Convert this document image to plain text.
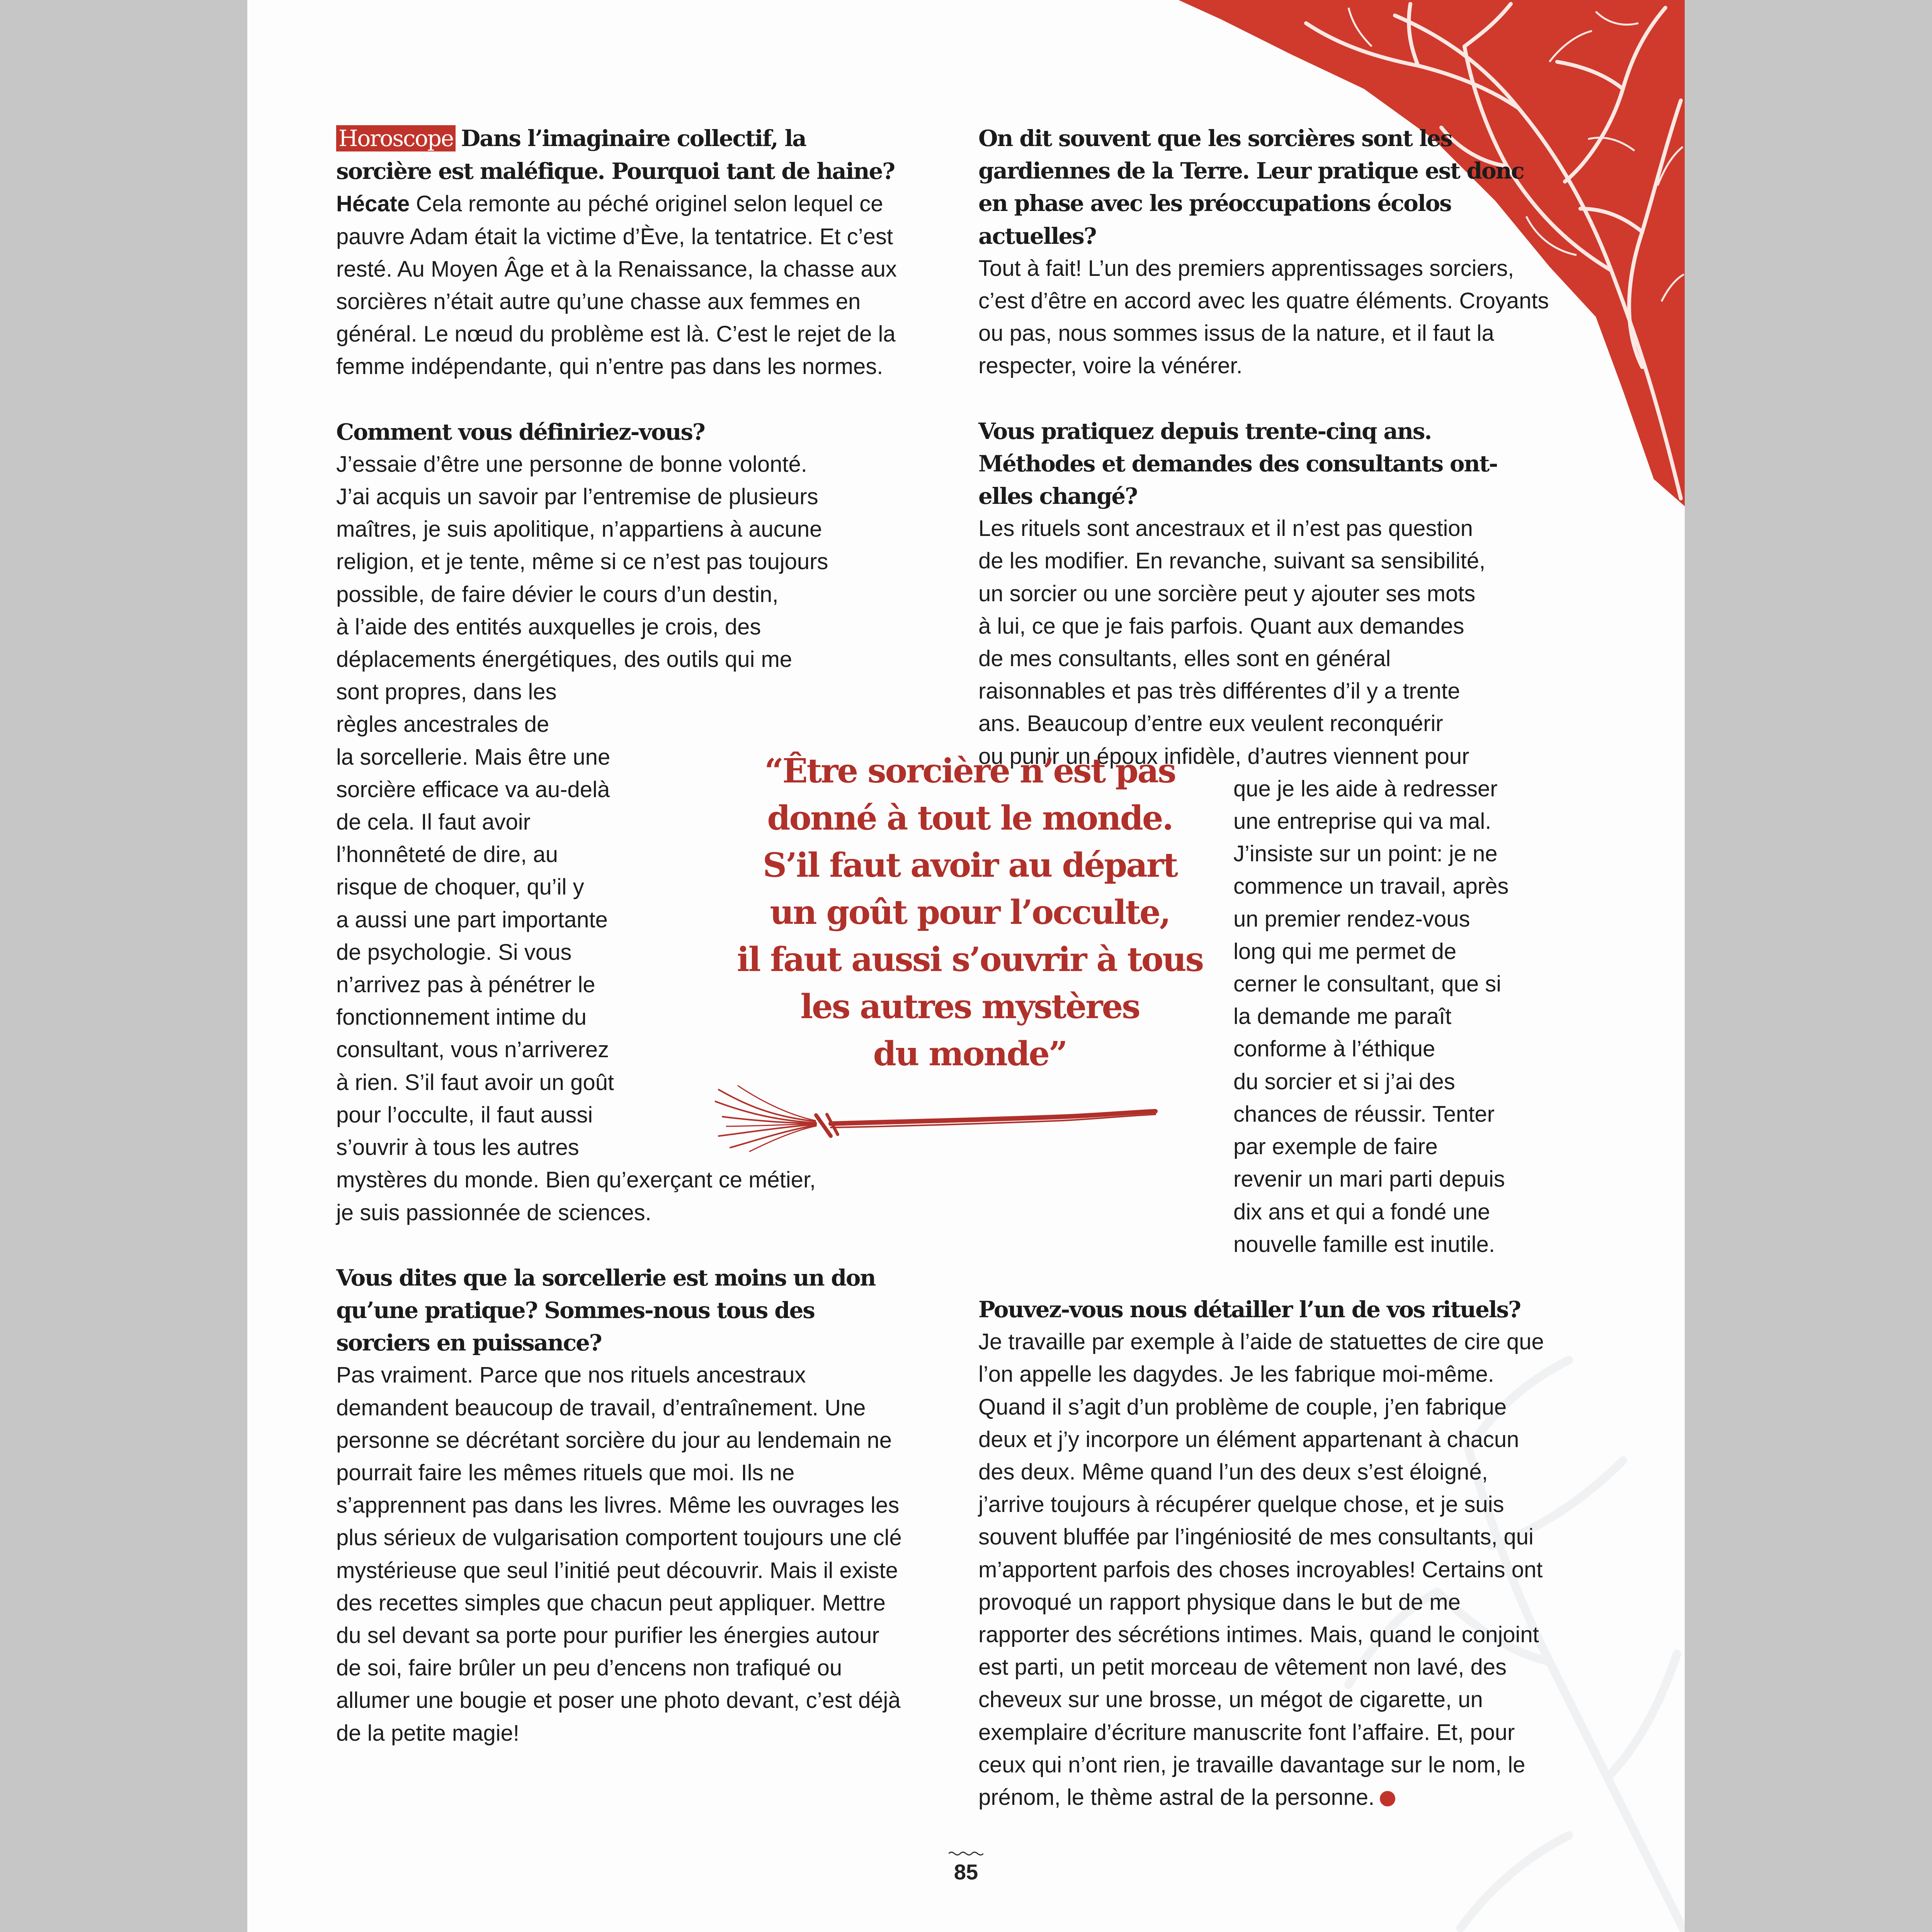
Horoscope Dans l’imaginaire collectif, la sorcière est maléfique. Pourquoi tant de haine?

Hécate Cela remonte au péché originel selon lequel ce pauvre Adam était la victime d’Ève, la tentatrice. Et c’est resté. Au Moyen Âge et à la Renaissance, la chasse aux sorcières n’était autre qu’une chasse aux femmes en général. Le nœud du problème est là. C’est le rejet de la femme indépendante, qui n’entre pas dans les normes.

Comment vous définiriez-vous?

J’essaie d’être une personne de bonne volonté.
J’ai acquis un savoir par l’entremise de plusieurs
maîtres, je suis apolitique, n’appartiens à aucune
religion, et je tente, même si ce n’est pas toujours
possible, de faire dévier le cours d’un destin,
à l’aide des entités auxquelles je crois, des
déplacements énergétiques, des outils qui me
sont propres, dans les
règles ancestrales de
la sorcellerie. Mais être une
sorcière efficace va au-delà
de cela. Il faut avoir
l’honnêteté de dire, au
risque de choquer, qu’il y
a aussi une part importante
de psychologie. Si vous
n’arrivez pas à pénétrer le
fonctionnement intime du
consultant, vous n’arriverez
à rien. S’il faut avoir un goût
pour l’occulte, il faut aussi
s’ouvrir à tous les autres
mystères du monde. Bien qu’exerçant ce métier,
je suis passionnée de sciences.

Vous dites que la sorcellerie est moins un don qu’une pratique? Sommes-nous tous des sorciers en puissance?

Pas vraiment. Parce que nos rituels ancestraux demandent beaucoup de travail, d’entraînement. Une personne se décrétant sorcière du jour au lendemain ne pourrait faire les mêmes rituels que moi. Ils ne s’apprennent pas dans les livres. Même les ouvrages les plus sérieux de vulgarisation comportent toujours une clé mystérieuse que seul l’initié peut découvrir. Mais il existe des recettes simples que chacun peut appliquer. Mettre du sel devant sa porte pour purifier les énergies autour de soi, faire brûler un peu d’encens non trafiqué ou allumer une bougie et poser une photo devant, c’est déjà de la petite magie!

On dit souvent que les sorcières sont les gardiennes de la Terre. Leur pratique est donc en phase avec les préoccupations écolos actuelles?

Tout à fait! L’un des premiers apprentissages sorciers, c’est d’être en accord avec les quatre éléments. Croyants ou pas, nous sommes issus de la nature, et il faut la respecter, voire la vénérer.

Vous pratiquez depuis trente-cinq ans. Méthodes et demandes des consultants ont-elles changé?

Les rituels sont ancestraux et il n’est pas question
de les modifier. En revanche, suivant sa sensibilité,
un sorcier ou une sorcière peut y ajouter ses mots
à lui, ce que je fais parfois. Quant aux demandes
de mes consultants, elles sont en général
raisonnables et pas très différentes d’il y a trente
ans. Beaucoup d’entre eux veulent reconquérir
ou punir un époux infidèle, d’autres viennent pour
que je les aide à redresser
une entreprise qui va mal.
J’insiste sur un point: je ne
commence un travail, après
un premier rendez-vous
long qui me permet de
cerner le consultant, que si
la demande me paraît
conforme à l’éthique
du sorcier et si j’ai des
chances de réussir. Tenter
par exemple de faire
revenir un mari parti depuis
dix ans et qui a fondé une
nouvelle famille est inutile.

Pouvez-vous nous détailler l’un de vos rituels?

Je travaille par exemple à l’aide de statuettes de cire que l’on appelle les dagydes. Je les fabrique moi-même. Quand il s’agit d’un problème de couple, j’en fabrique deux et j’y incorpore un élément appartenant à chacun des deux. Même quand l’un des deux s’est éloigné, j’arrive toujours à récupérer quelque chose, et je suis souvent bluffée par l’ingéniosité de mes consultants, qui m’apportent parfois des choses incroyables! Certains ont provoqué un rapport physique dans le but de me rapporter des sécrétions intimes. Mais, quand le conjoint est parti, un petit morceau de vêtement non lavé, des cheveux sur une brosse, un mégot de cigarette, un exemplaire d’écriture manuscrite font l’affaire. Et, pour ceux qui n’ont rien, je travaille davantage sur le nom, le prénom, le thème astral de la personne.

“Être sorcière n’est pas
donné à tout le monde.
S’il faut avoir au départ
un goût pour l’occulte,
il faut aussi s’ouvrir à tous
les autres mystères
du monde”
85
